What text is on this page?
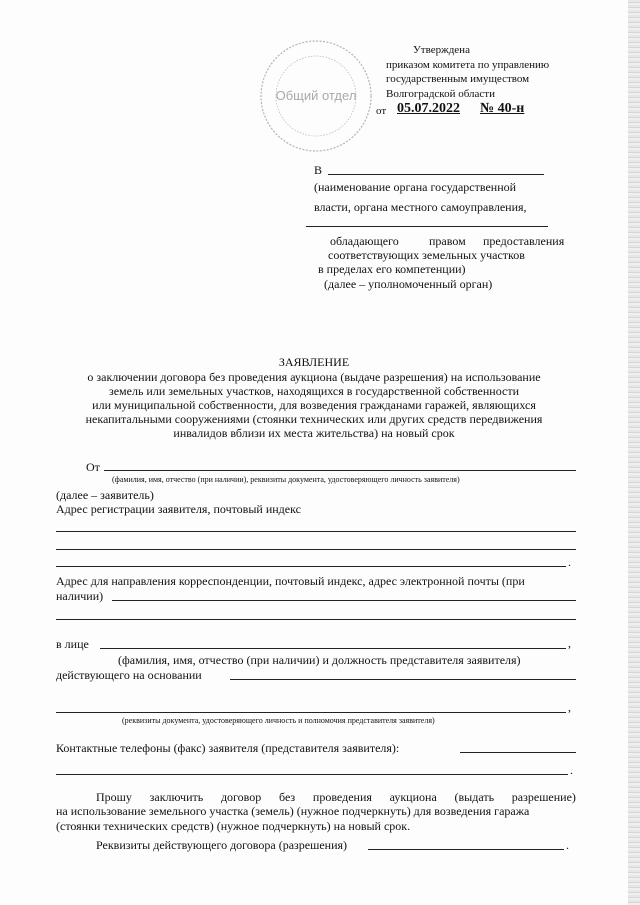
Общий отдел
Утверждена
приказом комитета по управлению
государственным имуществом
Волгоградской области
от 05.07.2022 № 40-н
В
(наименование органа государственной
власти, органа местного самоуправления,
обладающего	правом предоставления
соответствующих земельных участков
в пределах его компетенции)
(далее – уполномоченный орган)
ЗАЯВЛЕНИЕ
о заключении договора без проведения аукциона (выдаче разрешения) на использование
земель или земельных участков, находящихся в государственной собственности
или муниципальной собственности, для возведения гражданами гаражей, являющихся
некапитальными сооружениями (стоянки технических или других средств передвижения
инвалидов вблизи их места жительства) на новый срок
От
(фамилия, имя, отчество (при наличии), реквизиты документа, удостоверяющего личность заявителя)
(далее – заявитель)
Адрес регистрации заявителя, почтовый индекс
.
Адрес для направления корреспонденции, почтовый индекс, адрес электронной почты (при
наличии)
в лице	,
(фамилия, имя, отчество (при наличии) и должность представителя заявителя)
действующего на основании
,
(реквизиты документа, удостоверяющего личность и полномочия представителя заявителя)
Контактные телефоны (факс) заявителя (представителя заявителя):
.
Прошу заключить договор без проведения аукциона (выдать разрешение)
на использование земельного участка (земель) (нужное подчеркнуть) для возведения гаража
(стоянки технических средств) (нужное подчеркнуть) на новый срок.
Реквизиты действующего договора (разрешения)	.
